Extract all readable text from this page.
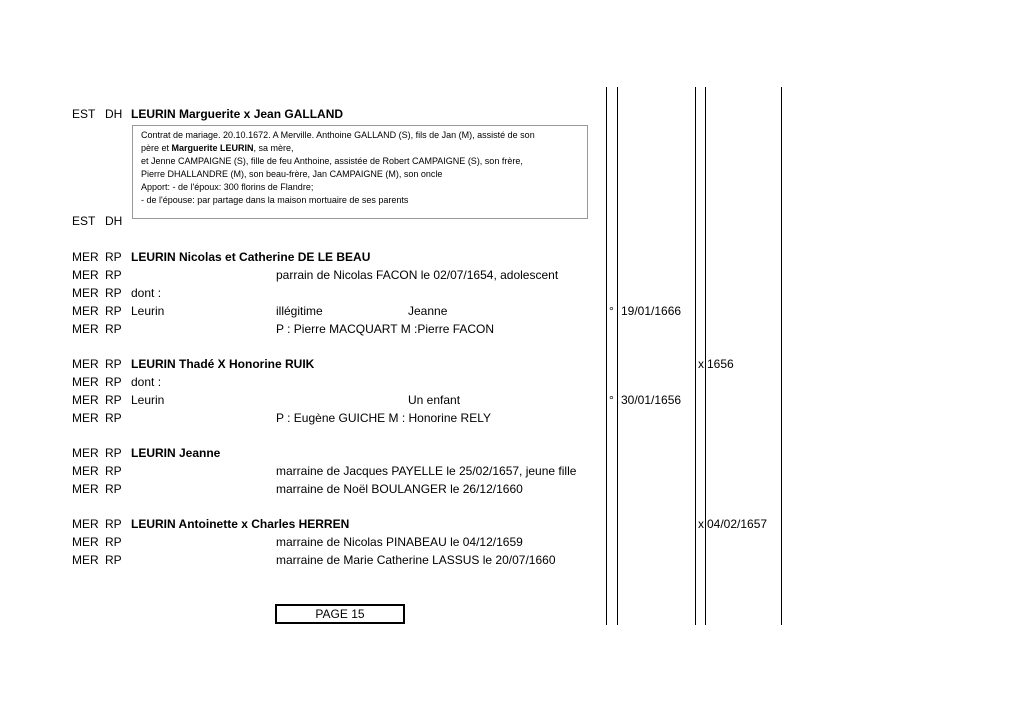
EST DH LEURIN Marguerite x Jean GALLAND
Contrat de mariage. 20.10.1672. A Merville. Anthoine GALLAND (S), fils de Jan (M), assisté de son
père et Marguerite LEURIN, sa mère,
et Jenne CAMPAIGNE (S), fille de feu Anthoine, assistée de Robert CAMPAIGNE (S), son frère,
Pierre DHALLANDRE (M), son beau-frère, Jan CAMPAIGNE (M), son oncle
Apport: - de l'époux: 300 florins de Flandre;
- de l'épouse: par partage dans la maison mortuaire de ses parents
EST DH
MER RP LEURIN Nicolas et Catherine DE LE BEAU
MER RP	parrain de Nicolas FACON le 02/07/1654, adolescent
MER RP dont :
MER RP Leurin	illégitime	Jeanne	° 19/01/1666
MER RP	P : Pierre MACQUART M :Pierre FACON
MER RP LEURIN Thadé X Honorine RUIK	x 1656
MER RP dont :
MER RP Leurin	Un enfant	° 30/01/1656
MER RP	P : Eugène GUICHE M : Honorine RELY
MER RP LEURIN Jeanne
MER RP	marraine de Jacques PAYELLE le 25/02/1657, jeune fille
MER RP	marraine de Noël BOULANGER le 26/12/1660
MER RP LEURIN Antoinette x Charles HERREN	x 04/02/1657
MER RP	marraine de Nicolas PINABEAU le 04/12/1659
MER RP	marraine de Marie Catherine LASSUS le 20/07/1660
PAGE 15
